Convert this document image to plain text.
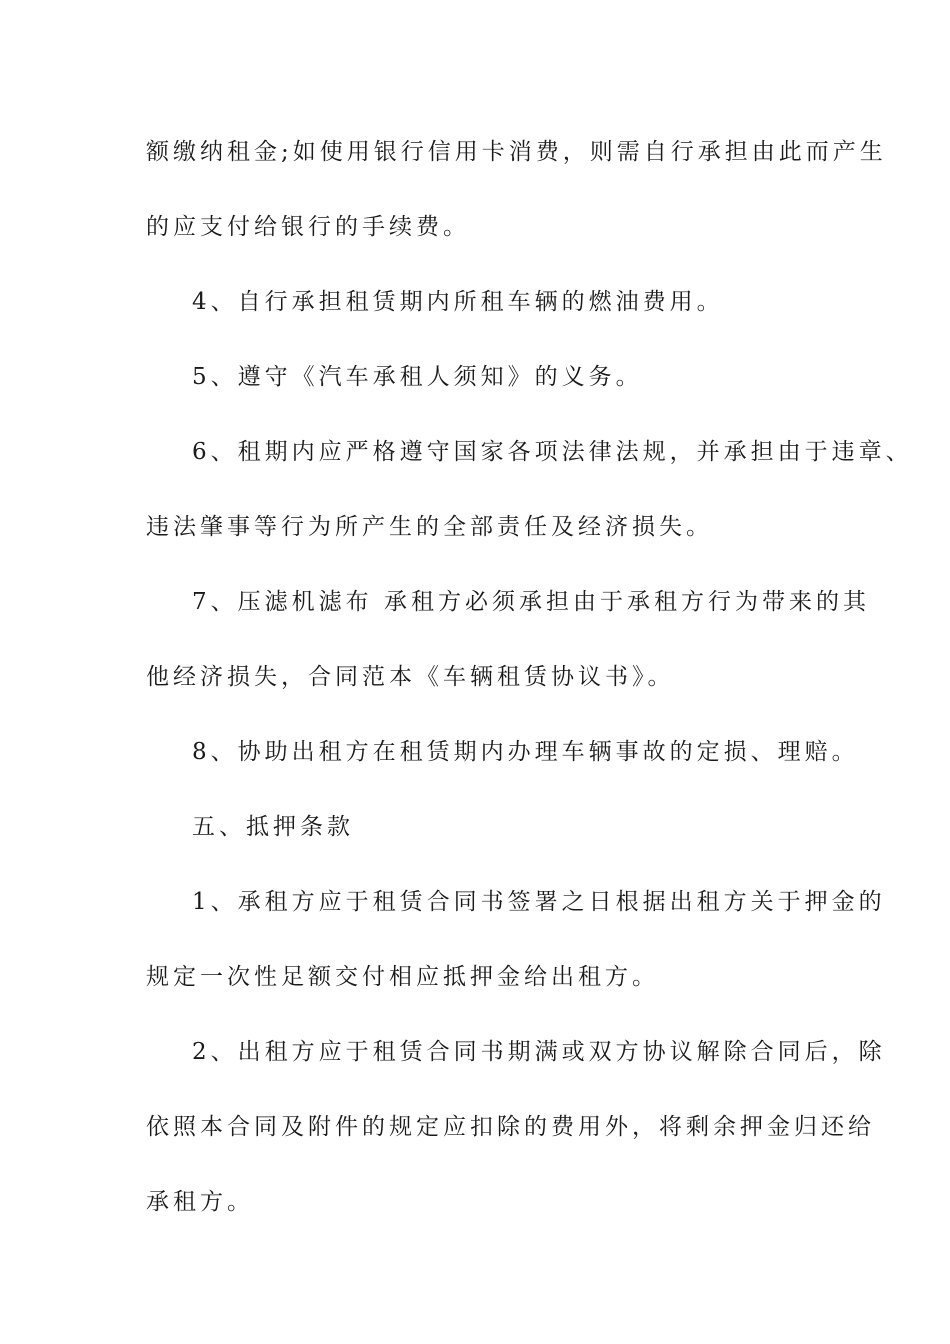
额缴纳租金;如使用银行信用卡消费，则需自行承担由此而产生

的应支付给银行的手续费。

4、自行承担租赁期内所租车辆的燃油费用。

5、遵守《汽车承租人须知》的义务。

6、租期内应严格遵守国家各项法律法规，并承担由于违章、

违法肇事等行为所产生的全部责任及经济损失。

7、压滤机滤布 承租方必须承担由于承租方行为带来的其

他经济损失，合同范本《车辆租赁协议书》。

8、协助出租方在租赁期内办理车辆事故的定损、理赔。

五、抵押条款

1、承租方应于租赁合同书签署之日根据出租方关于押金的

规定一次性足额交付相应抵押金给出租方。

2、出租方应于租赁合同书期满或双方协议解除合同后，除

依照本合同及附件的规定应扣除的费用外，将剩余押金归还给

承租方。
